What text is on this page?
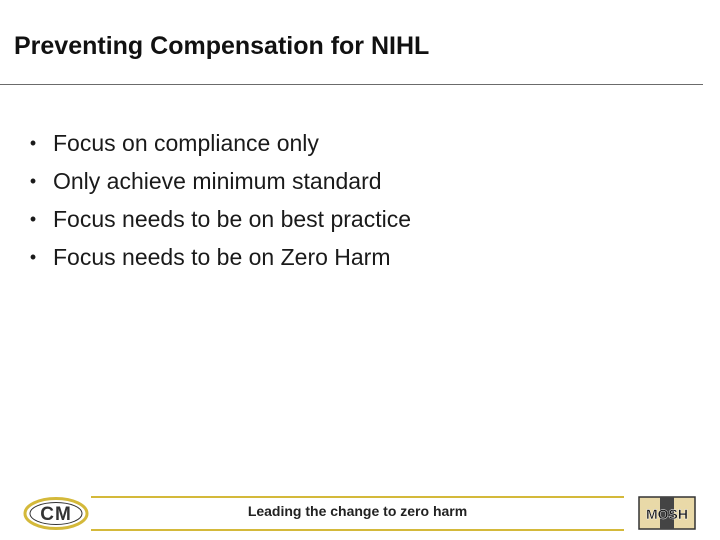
Preventing Compensation for NIHL
• Focus on compliance only
• Only achieve minimum standard
• Focus needs to be on best practice
• Focus needs to be on Zero Harm
CM	Leading the change to zero harm	MOSH
